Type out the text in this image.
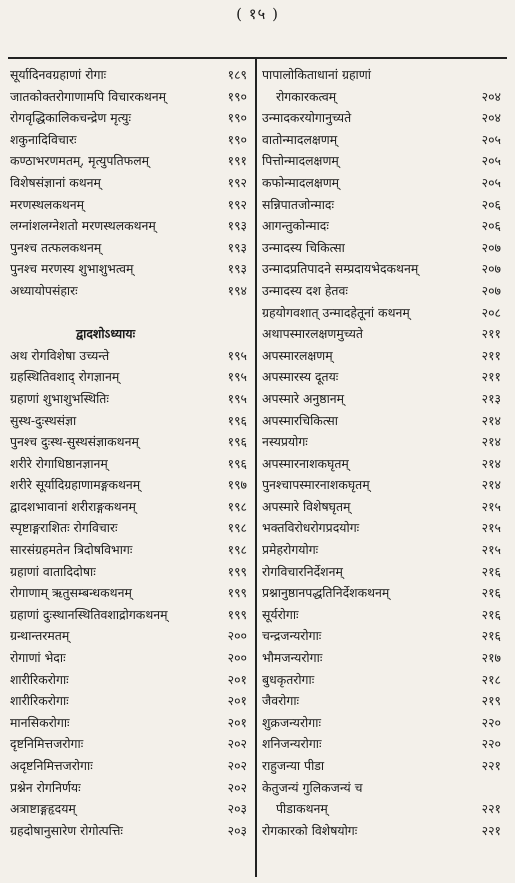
( १५ )
सूर्यादिनवग्रहाणां रोगाः	१८९
जातकोक्तरोगाणामपि विचारकथनम्	१९०
रोगवृद्धिकालिकचन्द्रेण मृत्युः	१९०
शकुनादिविचारः	१९०
कण्ठाभरणमतम्, मृत्युपतिफलम्	१९१
विशेषसंज्ञानां कथनम्	१९२
मरणस्थलकथनम्	१९२
लग्नांशलग्नेशतो मरणस्थलकथनम्	१९३
पुनश्च तत्फलकथनम्	१९३
पुनश्च मरणस्य शुभाशुभत्वम्	१९३
अध्यायोपसंहारः	१९४
द्वादशोऽध्यायः
अथ रोगविशेषा उच्यन्ते	१९५
ग्रहस्थितिवशाद् रोगज्ञानम्	१९५
ग्रहाणां शुभाशुभस्थितिः	१९५
सुस्थ-दुःस्थसंज्ञा	१९६
पुनश्च दुःस्थ-सुस्थसंज्ञाकथनम्	१९६
शरीरे रोगाधिष्ठानज्ञानम्	१९६
शरीरे सूर्यादिग्रहाणामङ्गकथनम्	१९७
द्वादशभावानां शरीराङ्गकथनम्	१९८
स्पृष्टाङ्गराशितः रोगविचारः	१९८
सारसंग्रहमतेन त्रिदोषविभागः	१९८
ग्रहाणां वातादिदोषाः	१९९
रोगाणाम् ऋतुसम्बन्धकथनम्	१९९
ग्रहाणां दुःस्थानस्थितिवशाद्रोगकथनम्	१९९
ग्रन्थान्तरमतम्	२००
रोगाणां भेदाः	२००
शारीरिकरोगाः	२०१
शारीरिकरोगाः	२०१
मानसिकरोगाः	२०१
दृष्टनिमित्तजरोगाः	२०२
अदृष्टनिमित्तजरोगाः	२०२
प्रश्नेन रोगनिर्णयः	२०२
अत्राष्टाङ्गहृदयम्	२०३
ग्रहदोषानुसारेण रोगोत्पत्तिः	२०३
पापालोकिताधानां ग्रहाणां
रोगकारकत्वम्	२०४
उन्मादकरयोगानुच्यते	२०४
वातोन्मादलक्षणम्	२०५
पित्तोन्मादलक्षणम्	२०५
कफोन्मादलक्षणम्	२०५
सन्निपातजोन्मादः	२०६
आगन्तुकोन्मादः	२०६
उन्मादस्य चिकित्सा	२०७
उन्मादप्रतिपादने सम्प्रदायभेदकथनम्	२०७
उन्मादस्य दश हेतवः	२०७
ग्रहयोगवशात् उन्मादहेतूनां कथनम्	२०८
अथापस्मारलक्षणमुच्यते	२११
अपस्मारलक्षणम्	२११
अपस्मारस्य दूतयः	२११
अपस्मारे अनुष्ठानम्	२१३
अपस्मारचिकित्सा	२१४
नस्यप्रयोगः	२१४
अपस्मारनाशकघृतम्	२१४
पुनश्चापस्मारनाशकघृतम्	२१४
अपस्मारे विशेषघृतम्	२१५
भक्तविरोधरोगप्रदयोगः	२१५
प्रमेहरोगयोगः	२१५
रोगविचारनिर्देशनम्	२१६
प्रश्नानुष्ठानपद्धतिनिर्देशकथनम्	२१६
सूर्यरोगाः	२१६
चन्द्रजन्यरोगाः	२१६
भौमजन्यरोगाः	२१७
बुधकृतरोगाः	२१८
जैवरोगाः	२१९
शुक्रजन्यरोगाः	२२०
शनिजन्यरोगाः	२२०
राहुजन्या पीडा	२२१
केतुजन्यं गुलिकजन्यं च
पीडाकथनम्	२२१
रोगकारको विशेषयोगः	२२१
